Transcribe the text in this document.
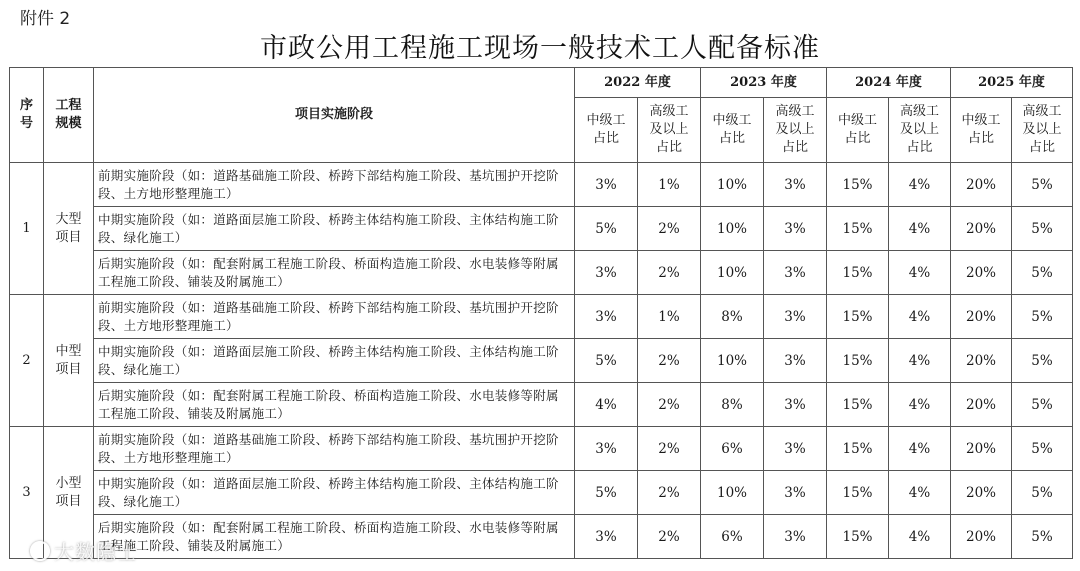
附件 2
市政公用工程施工现场一般技术工人配备标准
序号	工程规模	项目实施阶段	2022 年度		2023 年度		2024 年度		2025 年度	
			中级工占比	高级工及以上占比	中级工占比	高级工及以上占比	中级工占比	高级工及以上占比	中级工占比	高级工及以上占比
1	大型项目	前期实施阶段（如：道路基础施工阶段、桥跨下部结构施工阶段、基坑围护开挖阶段、土方地形整理施工）	3%	1%	10%	3%	15%	4%	20%	5%
		中期实施阶段（如：道路面层施工阶段、桥跨主体结构施工阶段、主体结构施工阶段、绿化施工）	5%	2%	10%	3%	15%	4%	20%	5%
		后期实施阶段（如：配套附属工程施工阶段、桥面构造施工阶段、水电装修等附属工程施工阶段、铺装及附属施工）	3%	2%	10%	3%	15%	4%	20%	5%
2	中型项目	前期实施阶段（如：道路基础施工阶段、桥跨下部结构施工阶段、基坑围护开挖阶段、土方地形整理施工）	3%	1%	8%	3%	15%	4%	20%	5%
		中期实施阶段（如：道路面层施工阶段、桥跨主体结构施工阶段、主体结构施工阶段、绿化施工）	5%	2%	10%	3%	15%	4%	20%	5%
		后期实施阶段（如：配套附属工程施工阶段、桥面构造施工阶段、水电装修等附属工程施工阶段、铺装及附属施工）	4%	2%	8%	3%	15%	4%	20%	5%
3	小型项目	前期实施阶段（如：道路基础施工阶段、桥跨下部结构施工阶段、基坑围护开挖阶段、土方地形整理施工）	3%	2%	6%	3%	15%	4%	20%	5%
		中期实施阶段（如：道路面层施工阶段、桥跨主体结构施工阶段、主体结构施工阶段、绿化施工）	5%	2%	10%	3%	15%	4%	20%	5%
		后期实施阶段（如：配套附属工程施工阶段、桥面构造施工阶段、水电装修等附属工程施工阶段、铺装及附属施工）	3%	2%	6%	3%	15%	4%	20%	5%
大数隐士
